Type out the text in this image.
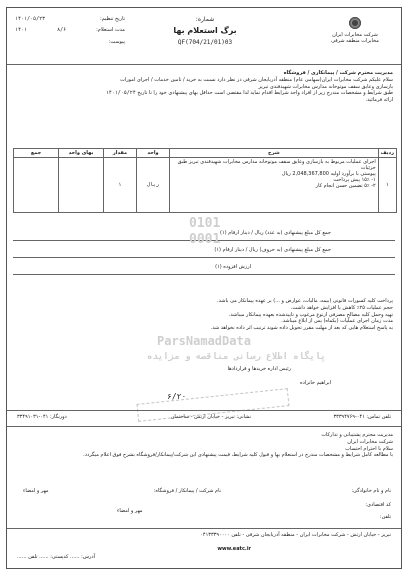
شرکت مخابرات ایران
مخابرات منطقه شرقی
شماره:
برگ استعلام بها
QF(704/21/01)03
تاریخ تنظیم:
۱۴۰۱/۰۵/۲۳
مدت استعلام:
۸/۶
۱۴۰۱
پیوست:
مدیریت محترم شرکت / پیمانکاری / فروشگاه
سلام علیکم شرکت مخابرات ایران(سهامی عام) منطقه آذربایجان شرقی در نظر دارد نسبت به خرید / تامین خدمات / اجرای امورات
بازسازی وعایق سقف موتوخانه مدارس مخابرات شهیدقندی تبریز
طبق شرایط و مشخصات مندرج زیر از افراد واجد شرایط اقدام نماید لذا مقتضی است حداقل بهای پیشنهادی خود را تا تاریخ ۱۴۰۱/۰۵/۲۴
ارائه فرمائید.
ردیف	شرح	واحد	مقدار	بهای واحد	جمع
۱	اجرای عملیات مربوط به بازسازی وعایق سقف موتوخانه مدارس مخابرات شهیدقندی تبریز طبق جزئیات
پیوستی با برآورد اولیه 2,048,367,800 ریال
۱- ۱۵٪ پیش پرداخت
۲- ۵٪ تضمین حسن انجام کار	ریال	۱		
جمع کل مبلغ پیشنهادی (به عدد) ریال / دینار ارقام (۱)
جمع کل مبلغ پیشنهادی (به حروف) ریال / دینار ارقام (۱)
ارزش افزوده (۱)
0101
0001
ParsNamadData
پایگاه اطلاع رسانی مناقصه و مزایده
پرداخت کلیه کسورات قانونی (بیمه، مالیات، عوارض و ...) بر عهده پیمانکار می باشد.
حجم عملیات ۲۵٪ کاهش یا افزایش خواهد داشت.
تهیه وحمل کلیه مصالح مصرفی ازنوع مرغوب و تاییدشده بعهده پیمانکار میباشد.
مدت زمان اجرای عملیات (یکماه) پس از ابلاغ میباشد.
به پاسخ استعلام هایی که بعد از مهلت مقرر تحویل داده شوند ترتیب اثر داده نخواهد شد.
رئیس اداره خریدها و قراردادها
ابراهیم خانزاده
۶/۲۰
تلفن تماس: ۰۴۱-۳۳۳۹۴۷۶۹
نشانی: تبریز - خیابان ارتش - ساختمان
دورنگار: ۰۴۱-۳۳۴۹۱۰۳۱
مدیریت محترم پشتیبانی و تدارکات
شرکت مخابرات ایران
سلام با احترام احتساب
با مطالعه کامل شرایط و مشخصات مندرج در استعلام بها و قبول کلیه شرایط، قیمت پیشنهادی این شرکت/پیمانکار/فروشگاه بشرح فوق اعلام میگردد.
نام و نام خانوادگی:
کد اقتصادی:
تلفن:
نام شرکت / پیمانکار / فروشگاه:
مهر و امضاء
مهر و امضاء
تبریز - خیابان ارتش - شرکت مخابرات ایران - منطقه آذربایجان شرقی - تلفن ۰۴۱۳۳۳۹۰۰۰۰
www.eatc.ir
آدرس: ...... کدپستی: ...... تلفن ......
